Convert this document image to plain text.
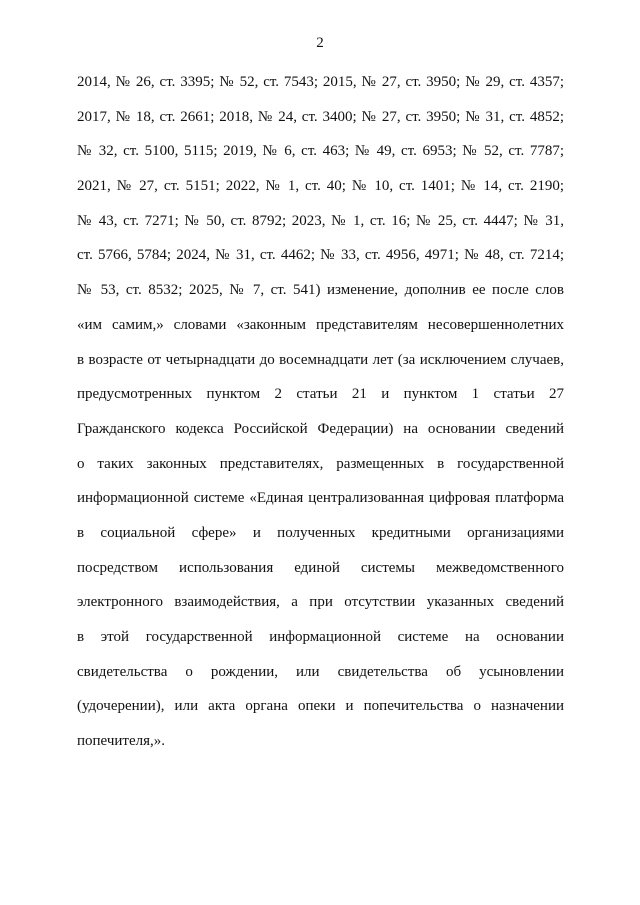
2
2014, № 26, ст. 3395; № 52, ст. 7543; 2015, № 27, ст. 3950; № 29, ст. 4357;
2017, № 18, ст. 2661; 2018, № 24, ст. 3400; № 27, ст. 3950; № 31, ст. 4852;
№ 32, ст. 5100, 5115; 2019, № 6, ст. 463; № 49, ст. 6953; № 52, ст. 7787;
2021, № 27, ст. 5151; 2022, № 1, ст. 40; № 10, ст. 1401; № 14, ст. 2190;
№ 43, ст. 7271; № 50, ст. 8792; 2023, № 1, ст. 16; № 25, ст. 4447; № 31,
ст. 5766, 5784; 2024, № 31, ст. 4462; № 33, ст. 4956, 4971; № 48, ст. 7214;
№ 53, ст. 8532; 2025, № 7, ст. 541) изменение, дополнив ее после слов
«им самим,» словами «законным представителям несовершеннолетних
в возрасте от четырнадцати до восемнадцати лет (за исключением случаев,
предусмотренных пунктом 2 статьи 21 и пунктом 1 статьи 27
Гражданского кодекса Российской Федерации) на основании сведений
о таких законных представителях, размещенных в государственной
информационной системе «Единая централизованная цифровая платформа
в социальной сфере» и полученных кредитными организациями
посредством использования единой системы межведомственного
электронного взаимодействия, а при отсутствии указанных сведений
в этой государственной информационной системе на основании
свидетельства о рождении, или свидетельства об усыновлении
(удочерении), или акта органа опеки и попечительства о назначении
попечителя,».
